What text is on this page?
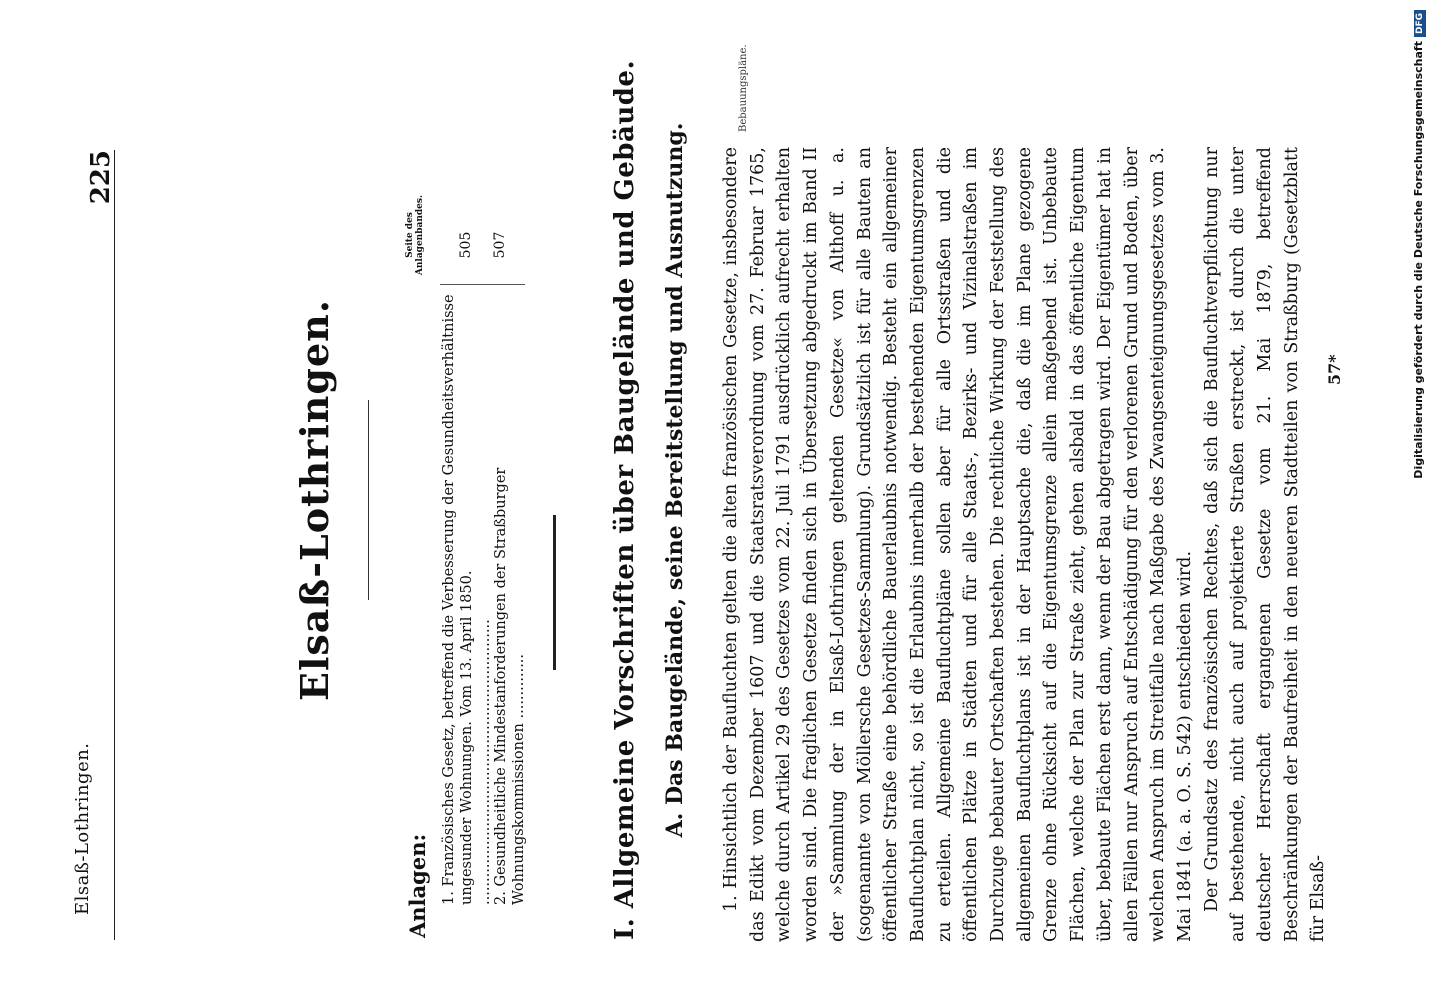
Elsaß-Lothringen.
225
Elsaß-Lothringen.
Anlagen:
Seite des Anlagenbandes.
1. Französisches Gesetz, betreffend die Verbesserung der Gesundheitsverhältnisse ungesunder Wohnungen. Vom 13. April 1850. ..............................................................
505
2. Gesundheitliche Mindestanforderungen der Straßburger Wohnungskommissionen ..............
507	I. Allgemeine Vorschriften über Baugelände und Gebäude. A. Das Baugelände, seine Bereitstellung und Ausnutzung.
Bebauungspläne.

1. Hinsichtlich der Baufluchten gelten die alten französischen Gesetze, insbesondere das Edikt vom Dezember 1607 und die Staatsratsverordnung vom 27. Februar 1765, welche durch Artikel 29 des Gesetzes vom 22. Juli 1791 ausdrücklich aufrecht erhalten worden sind. Die fraglichen Gesetze finden sich in Übersetzung abgedruckt im Band II der »Sammlung der in Elsaß-Lothringen geltenden Gesetze« von Althoff u. a. (sogenannte von Möllersche Gesetzes-Sammlung). Grundsätzlich ist für alle Bauten an öffentlicher Straße eine behördliche Bauerlaubnis notwendig. Besteht ein allgemeiner Baufluchtplan nicht, so ist die Erlaubnis innerhalb der bestehenden Eigentumsgrenzen zu erteilen. Allgemeine Baufluchtpläne sollen aber für alle Ortsstraßen und die öffentlichen Plätze in Städten und für alle Staats-, Bezirks- und Vizinalstraßen im Durchzuge bebauter Ortschaften bestehen. Die rechtliche Wirkung der Feststellung des allgemeinen Baufluchtplans ist in der Hauptsache die, daß die im Plane gezogene Grenze ohne Rücksicht auf die Eigentumsgrenze allein maßgebend ist. Unbebaute Flächen, welche der Plan zur Straße zieht, gehen alsbald in das öffentliche Eigentum über, bebaute Flächen erst dann, wenn der Bau abgetragen wird. Der Eigentümer hat in allen Fällen nur Anspruch auf Entschädigung für den verlorenen Grund und Boden, über welchen Anspruch im Streitfalle nach Maßgabe des Zwangsenteignungsgesetzes vom 3. Mai 1841 (a. a. O. S. 542) entschieden wird. Der Grundsatz des französischen Rechtes, daß sich die Baufluchtverpflichtung nur auf bestehende, nicht auch auf projektierte Straßen erstreckt, ist durch die unter deutscher Herrschaft ergangenen Gesetze vom 21. Mai 1879, betreffend Beschränkungen der Baufreiheit in den neueren Stadtteilen von Straßburg (Gesetzblatt für Elsaß-

57*	Digitalisierung gefördert durch die Deutsche ForschungsgemeinschaftDFG
